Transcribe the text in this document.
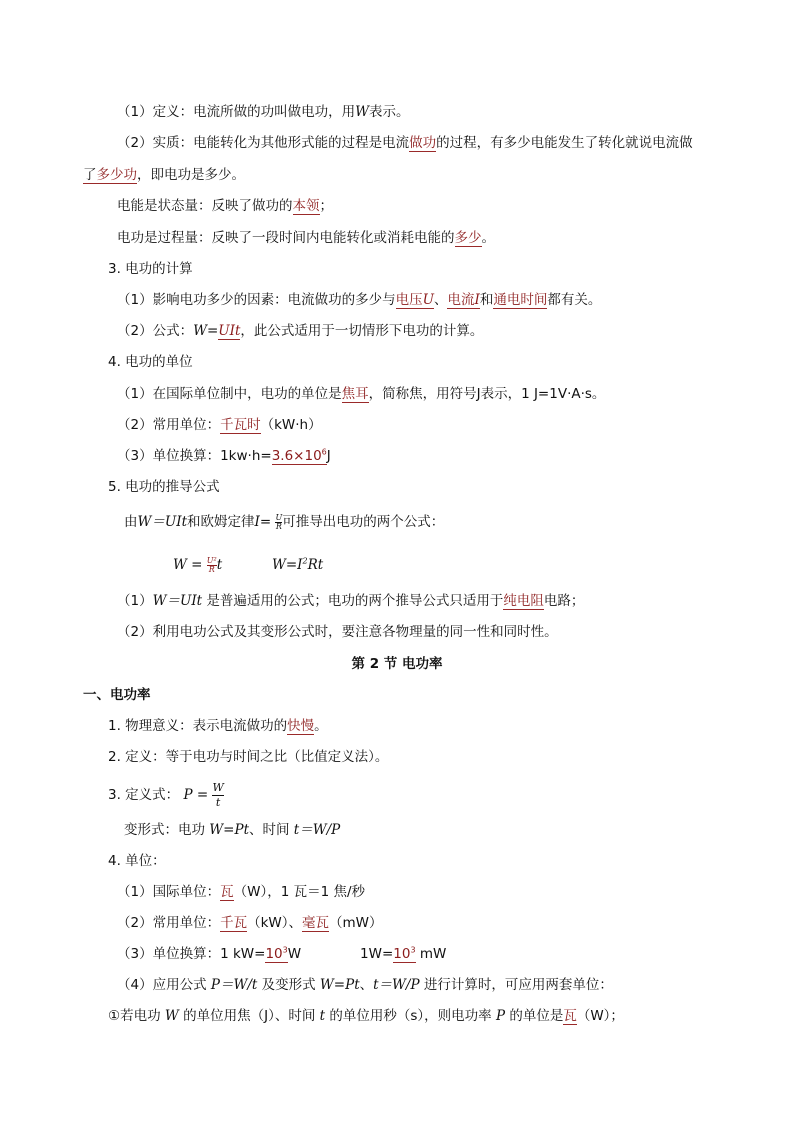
（1）定义：电流所做的功叫做电功，用W表示。
（2）实质：电能转化为其他形式能的过程是电流做功的过程，有多少电能发生了转化就说电流做
了多少功，即电功是多少。
电能是状态量：反映了做功的本领；
电功是过程量：反映了一段时间内电能转化或消耗电能的多少。
3. 电功的计算
（1）影响电功多少的因素：电流做功的多少与电压U、电流I和通电时间都有关。
（2）公式：W=UIt，此公式适用于一切情形下电功的计算。
4. 电功的单位
（1）在国际单位制中，电功的单位是焦耳，简称焦，用符号J表示，1 J=1V·A·s。
（2）常用单位：千瓦时（kW·h）
（3）单位换算：$1kw\cdot h=3.6\times 10^6J$
5. 电功的推导公式
由W＝UIt和欧姆定律$I= \frac{U}{R}$ 可推导出电功的两个公式：
$W = \frac{\text{U²}}{R}$ t	$W=I^2Rt$
（1）W＝UIt 是普遍适用的公式；电功的两个推导公式只适用于纯电阻电路；
（2）利用电功公式及其变形公式时，要注意各物理量的同一性和同时性。
第 2 节 电功率
一、电功率
1. 物理意义：表示电流做功的快慢。
2. 定义：等于电功与时间之比（比值定义法）。
3. 定义式： $P = \frac{W}{t}$
变形式：电功 W=Pt、时间 t＝W/P
4. 单位：
（1）国际单位：瓦（W），1 瓦＝1 焦/秒
（2）常用单位：千瓦（kW）、毫瓦（mW）
（3）单位换算：1 $kW=10^3W$	$1W=10^3$ mW
（4）应用公式 P＝W/t 及变形式 W=Pt、t＝W/P 进行计算时，可应用两套单位：
①若电功 W 的单位用焦（J）、时间 t 的单位用秒（s），则电功率 P 的单位是瓦（W）；
